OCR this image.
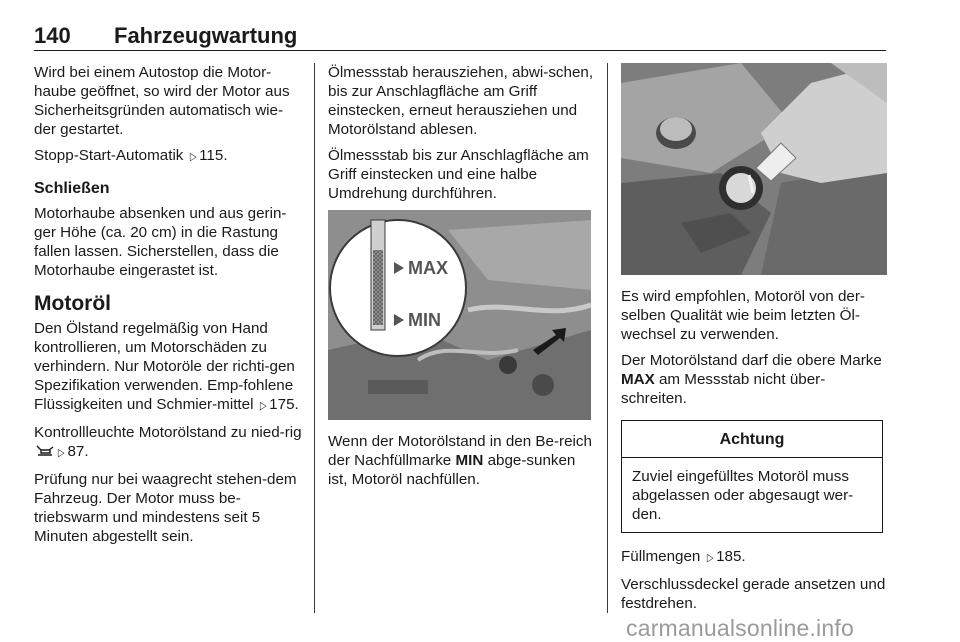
140 Fahrzeugwartung

Wird bei einem Autostop die Motor-haube geöffnet, so wird der Motor aus Sicherheitsgründen automatisch wie-der gestartet.

Stopp-Start-Automatik ▷ 115.

Schließen

Motorhaube absenken und aus gerin-ger Höhe (ca. 20 cm) in die Rastung fallen lassen. Sicherstellen, dass die Motorhaube eingerastet ist.

Motoröl

Den Ölstand regelmäßig von Hand kontrollieren, um Motorschäden zu verhindern. Nur Motoröle der richti-gen Spezifikation verwenden. Emp-fohlene Flüssigkeiten und Schmier-mittel ▷ 175.

Kontrollleuchte Motorölstand zu nied-rig ▷ 87.

Prüfung nur bei waagrecht stehen-dem Fahrzeug. Der Motor muss be-triebswarm und mindestens seit 5 Minuten abgestellt sein.

Ölmessstab herausziehen, abwi-schen, bis zur Anschlagfläche am Griff einstecken, erneut herausziehen und Motorölstand ablesen.

Ölmessstab bis zur Anschlagfläche am Griff einstecken und eine halbe Umdrehung durchführen.

MAX
MIN

Wenn der Motorölstand in den Be-reich der Nachfüllmarke MIN abge-sunken ist, Motoröl nachfüllen.

Es wird empfohlen, Motoröl von der-selben Qualität wie beim letzten Öl-wechsel zu verwenden.

Der Motorölstand darf die obere Marke MAX am Messstab nicht über-schreiten.

Achtung
Zuviel eingefülltes Motoröl muss abgelassen oder abgesaugt wer-den.

Füllmengen ▷ 185.

Verschlussdeckel gerade ansetzen und festdrehen.

carmanualsonline.info
